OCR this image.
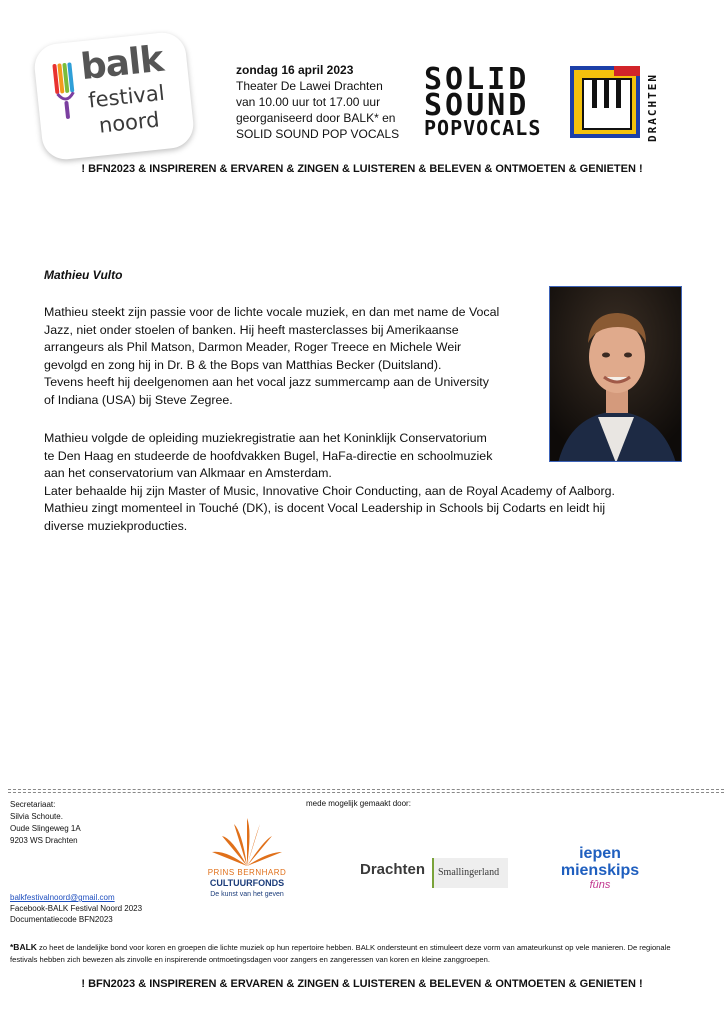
balk
festival
noord
zondag 16 april 2023
Theater De Lawei Drachten
van 10.00 uur tot 17.00 uur
georganiseerd door BALK* en
SOLID SOUND POP VOCALS
SOLID
SOUND
POPVOCALS	DRACHTEN
! BFN2023 & INSPIREREN & ERVAREN & ZINGEN & LUISTEREN & BELEVEN & ONTMOETEN & GENIETEN !
Mathieu Vulto
Mathieu steekt zijn passie voor de lichte vocale muziek, en dan met name de Vocal
Jazz, niet onder stoelen of banken. Hij heeft masterclasses bij Amerikaanse
arrangeurs als Phil Matson, Darmon Meader, Roger Treece en Michele Weir
gevolgd en zong hij in Dr. B & the Bops van Matthias Becker (Duitsland).
Tevens heeft hij deelgenomen aan het vocal jazz summercamp aan de University
of Indiana (USA) bij Steve Zegree.
Mathieu volgde de opleiding muziekregistratie aan het Koninklijk Conservatorium
te Den Haag en studeerde de hoofdvakken Bugel, HaFa-directie en schoolmuziek
aan het conservatorium van Alkmaar en Amsterdam.
Later behaalde hij zijn Master of Music, Innovative Choir Conducting, aan de Royal Academy of Aalborg.
Mathieu zingt momenteel in Touché (DK), is docent Vocal Leadership in Schools bij Codarts en leidt hij
diverse muziekproducties.
Secretariaat:
Silvia Schoute.
Oude Slingeweg 1A
9203 WS Drachten
mede mogelijk gemaakt door:
balkfestivalnoord@gmail.com
Facebook-BALK Festival Noord 2023
Documentatiecode BFN2023
PRINS BERNHARD
CULTUURFONDS
De kunst van het geven
Drachten Smallingerland
iepen
mienskips
fûns
*BALK zo heet de landelijke bond voor koren en groepen die lichte muziek op hun repertoire hebben. BALK ondersteunt en stimuleert deze vorm van amateurkunst op vele manieren. De regionale festivals hebben zich bewezen als zinvolle en inspirerende ontmoetingsdagen voor zangers en zangeressen van koren en kleine zanggroepen.
! BFN2023 & INSPIREREN & ERVAREN & ZINGEN & LUISTEREN & BELEVEN & ONTMOETEN & GENIETEN !
